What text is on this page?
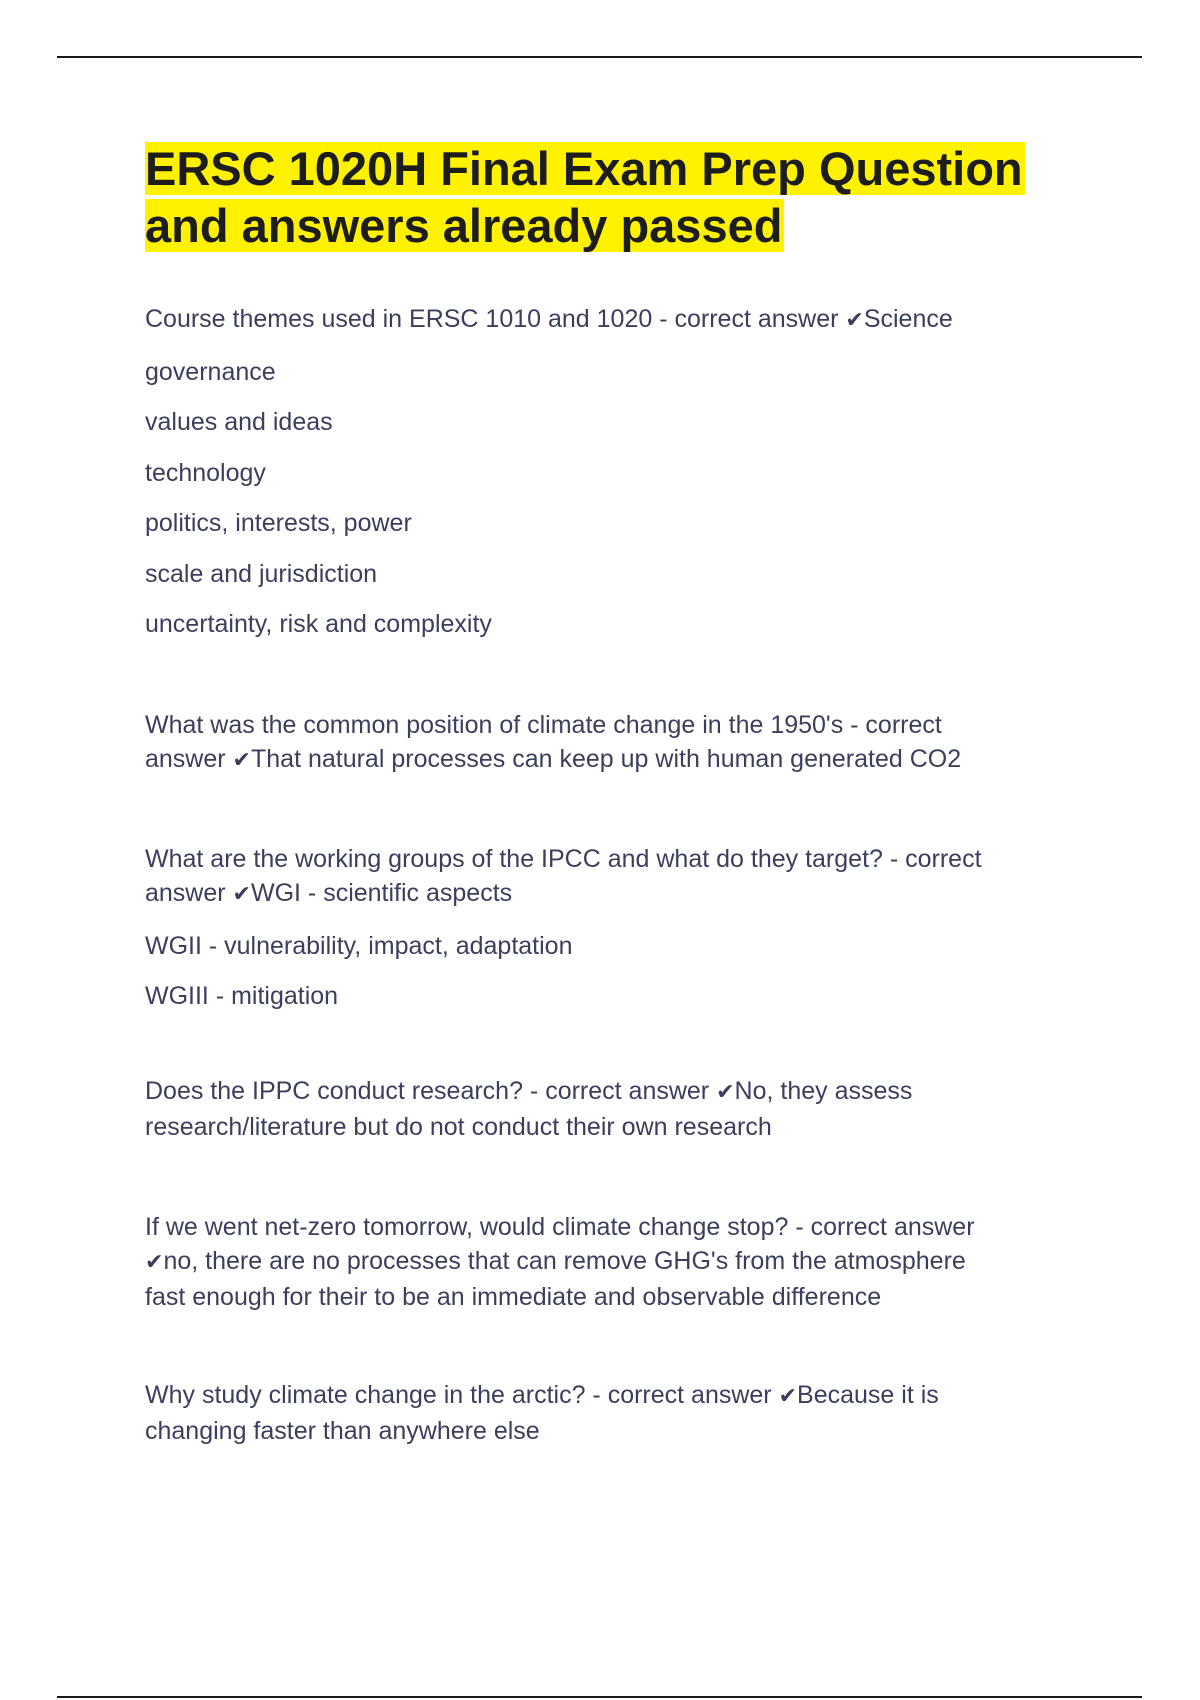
ERSC 1020H Final Exam Prep Question
and answers already passed

Course themes used in ERSC 1010 and 1020 - correct answer ✔Science

governance
values and ideas
technology
politics, interests, power
scale and jurisdiction
uncertainty, risk and complexity
What was the common position of climate change in the 1950's - correct
answer ✔That natural processes can keep up with human generated CO2
What are the working groups of the IPCC and what do they target? - correct
answer ✔WGI - scientific aspects
WGII - vulnerability, impact, adaptation
WGIII - mitigation
Does the IPPC conduct research? - correct answer ✔No, they assess
research/literature but do not conduct their own research
If we went net-zero tomorrow, would climate change stop? - correct answer
✔no, there are no processes that can remove GHG's from the atmosphere
fast enough for their to be an immediate and observable difference
Why study climate change in the arctic? - correct answer ✔Because it is
changing faster than anywhere else
